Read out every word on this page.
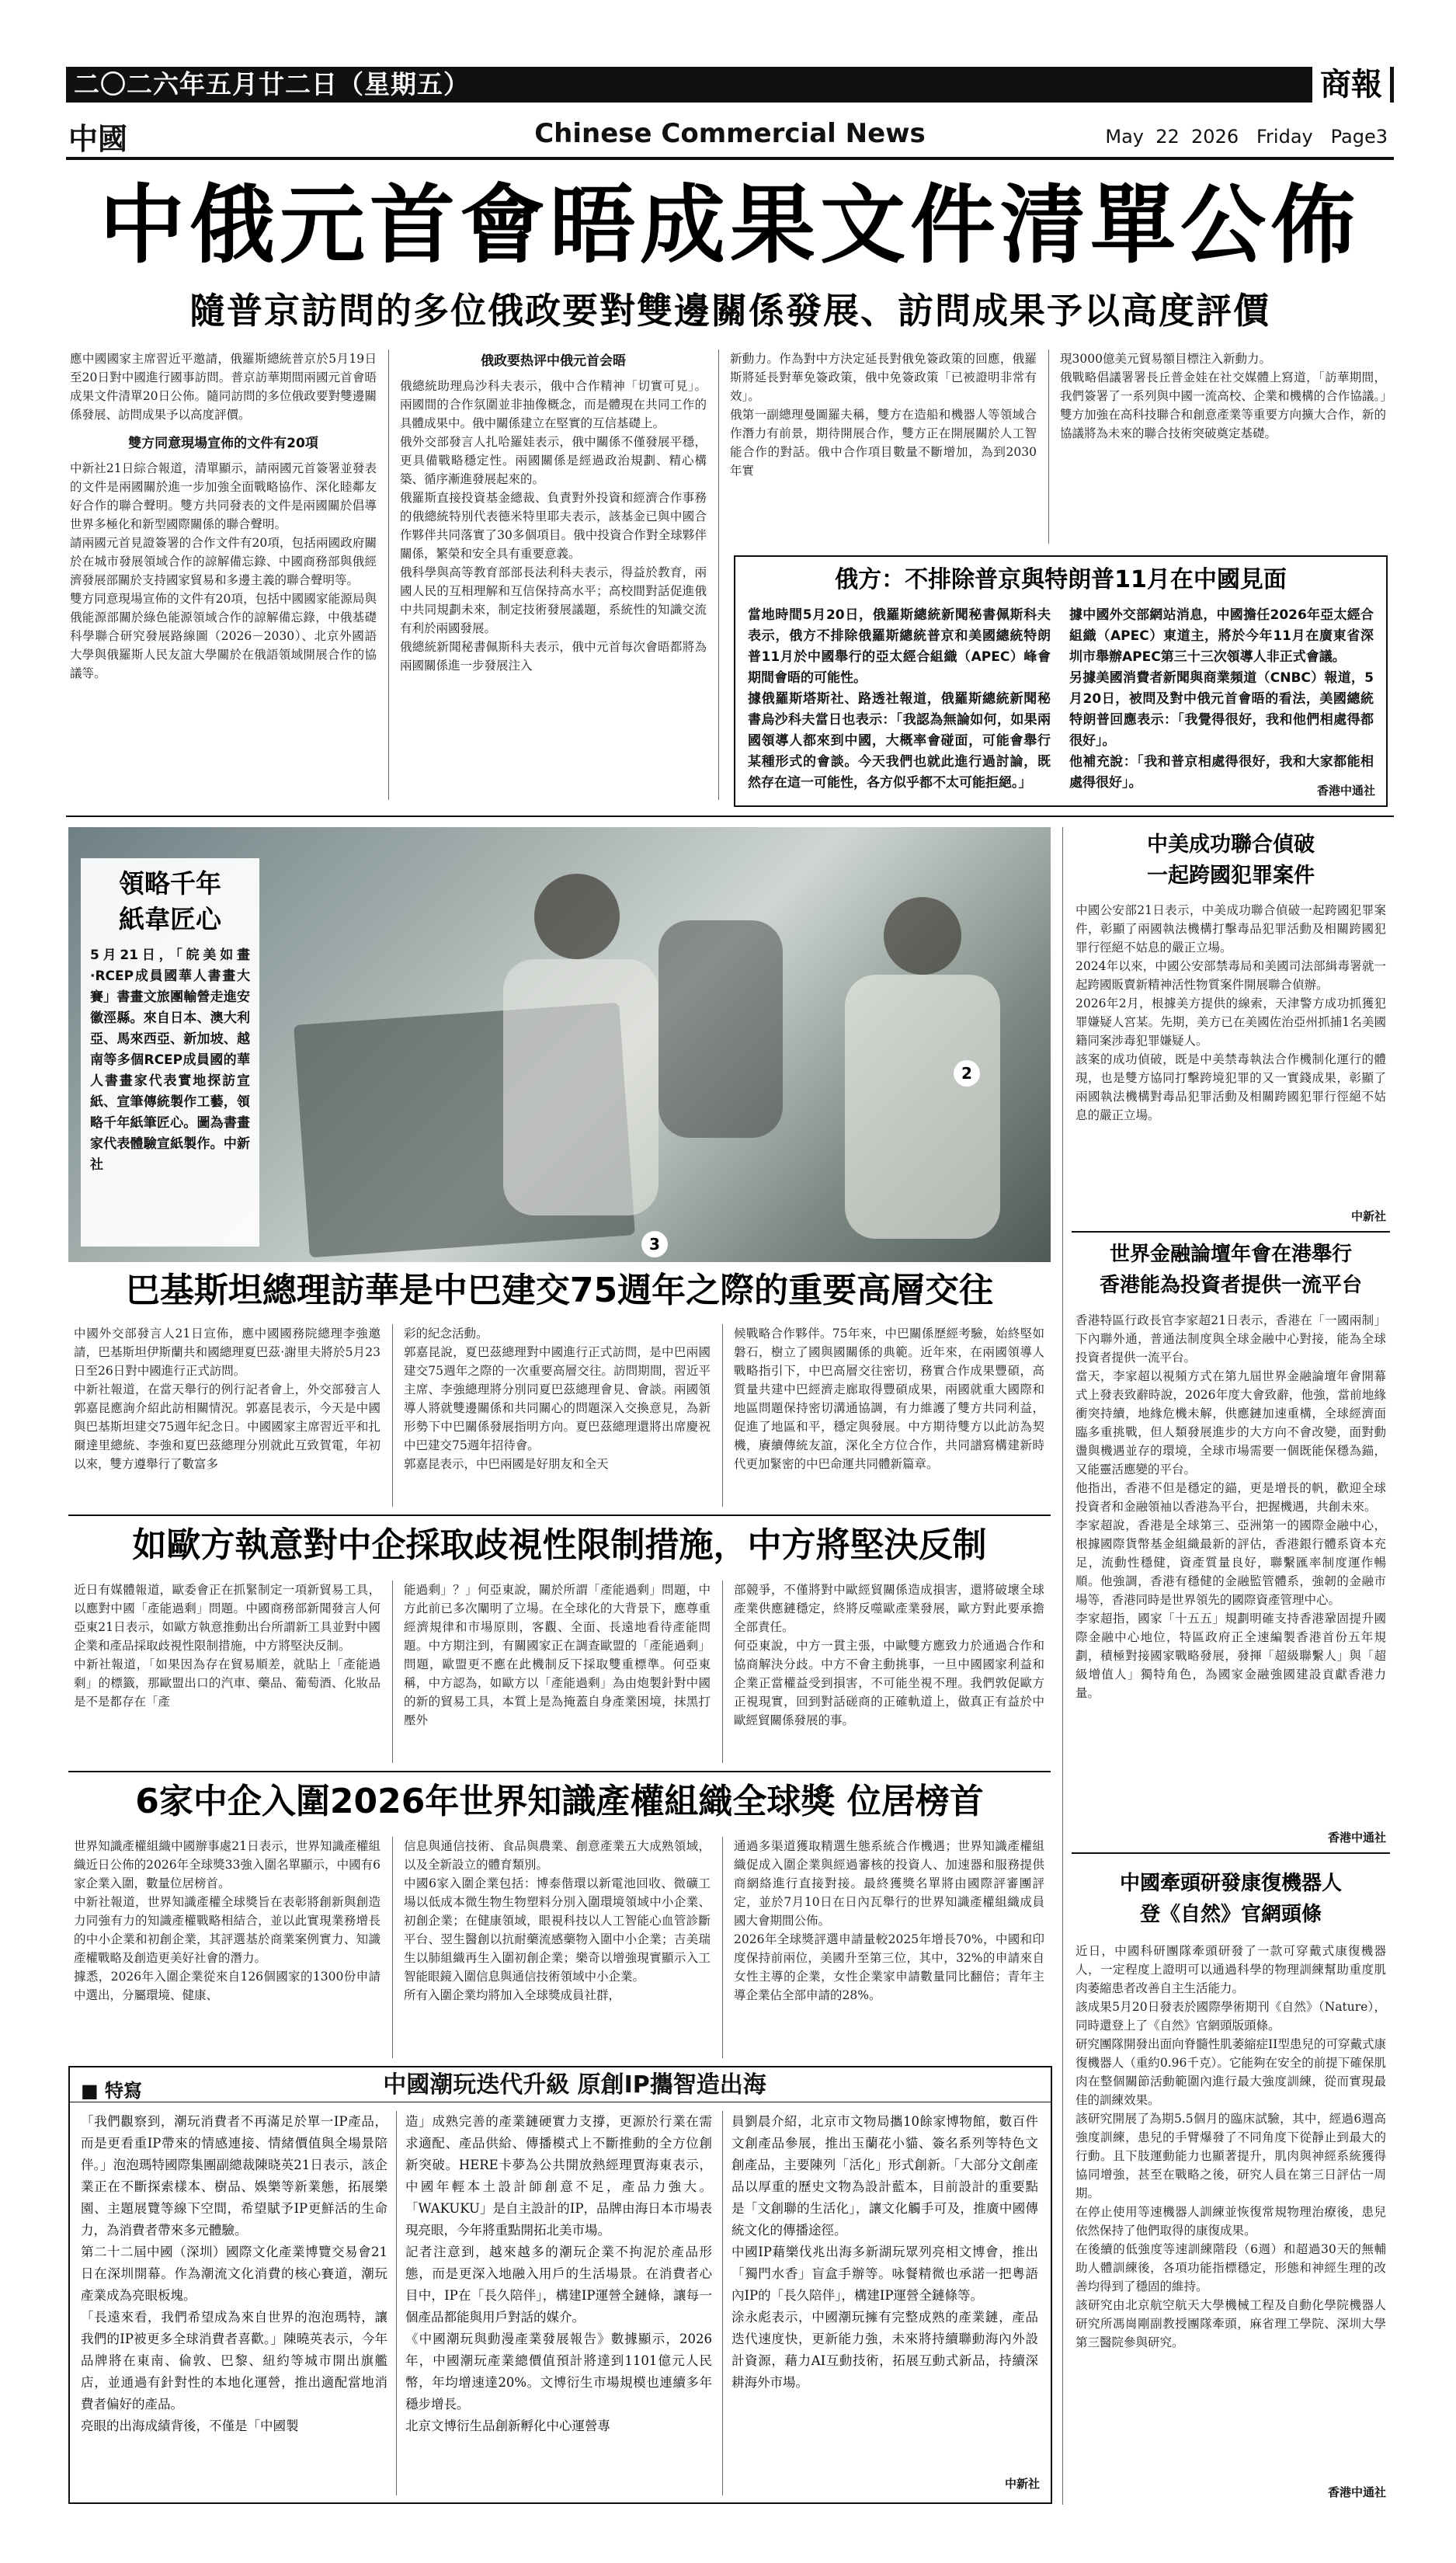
二〇二六年五月廿二日（星期五）	商報
中國	Chinese Commercial News	May  22  2026   Friday   Page3
中俄元首會晤成果文件清單公佈
隨普京訪問的多位俄政要對雙邊關係發展、訪問成果予以高度評價
應中國國家主席習近平邀請，俄羅斯總統普京於5月19日至20日對中國進行國事訪問。普京訪華期間兩國元首會晤成果文件清單20日公佈。隨同訪問的多位俄政要對雙邊關係發展、訪問成果予以高度評價。
雙方同意現場宣佈的文件有20項
中新社21日綜合報道，清單顯示，請兩國元首簽署並發表的文件是兩國關於進一步加強全面戰略協作、深化睦鄰友好合作的聯合聲明。雙方共同發表的文件是兩國關於倡導世界多極化和新型國際關係的聯合聲明。
請兩國元首見證簽署的合作文件有20項，包括兩國政府關於在城市發展領域合作的諒解備忘錄、中國商務部與俄經濟發展部關於支持國家貿易和多邊主義的聯合聲明等。
雙方同意現場宣佈的文件有20項，包括中國國家能源局與俄能源部關於綠色能源領域合作的諒解備忘錄，中俄基礎科學聯合研究發展路線圖（2026－2030）、北京外國語大學與俄羅斯人民友誼大學關於在俄語領域開展合作的協議等。
俄政要热评中俄元首会晤
俄總統助理烏沙科夫表示，俄中合作精神「切實可見」。兩國間的合作氛圍並非抽像概念，而是體現在共同工作的具體成果中。俄中關係建立在堅實的互信基礎上。
俄外交部發言人扎哈羅娃表示，俄中關係不僅發展平穩，更具備戰略穩定性。兩國關係是經過政治規劃、精心構築、循序漸進發展起來的。
俄羅斯直接投資基金總裁、負責對外投資和經濟合作事務的俄總統特別代表德米特里耶夫表示，該基金已與中國合作夥伴共同落實了30多個項目。俄中投資合作對全球夥伴關係，繁榮和安全具有重要意義。
俄科學與高等教育部部長法利科夫表示，得益於教育，兩國人民的互相理解和互信保持高水平；高校間對話促進俄中共同規劃未來，制定技術發展議題，系統性的知識交流有利於兩國發展。
俄總統新聞秘書佩斯科夫表示，俄中元首每次會晤都將為兩國關係進一步發展注入
新動力。作為對中方決定延長對俄免簽政策的回應，俄羅斯將延長對華免簽政策，俄中免簽政策「已被證明非常有效」。
俄第一副總理曼圖羅夫稱，雙方在造船和機器人等領域合作潛力有前景，期待開展合作，雙方正在開展關於人工智能合作的對話。俄中合作項目數量不斷增加，為到2030年實
現3000億美元貿易額目標注入新動力。
俄戰略倡議署署長丘普金娃在社交媒體上寫道，「訪華期間，我們簽署了一系列與中國一流高校、企業和機構的合作協議。」雙方加強在高科技聯合和創意產業等重要方向擴大合作，新的協議將為未來的聯合技術突破奠定基礎。
俄方：不排除普京與特朗普11月在中國見面
當地時間5月20日，俄羅斯總統新聞秘書佩斯科夫表示，俄方不排除俄羅斯總統普京和美國總統特朗普11月於中國舉行的亞太經合組織（APEC）峰會期間會晤的可能性。
據俄羅斯塔斯社、路透社報道，俄羅斯總統新聞秘書烏沙科夫當日也表示：「我認為無論如何，如果兩國領導人都來到中國，大概率會碰面，可能會舉行某種形式的會談。今天我們也就此進行過討論，既然存在這一可能性，各方似乎都不太可能拒絕。」
據中國外交部網站消息，中國擔任2026年亞太經合組織（APEC）東道主，將於今年11月在廣東省深圳市舉辦APEC第三十三次領導人非正式會議。
另據美國消費者新聞與商業頻道（CNBC）報道，5月20日，被問及對中俄元首會晤的看法，美國總統特朗普回應表示：「我覺得很好，我和他們相處得都很好」。
他補充說：「我和普京相處得很好，我和大家都能相處得很好」。	香港中通社
2
3
領略千年
紙韋匠心
5月21日，「皖美如畫·RCEP成員國華人書畫大賽」書畫文旅團輸營走進安徽涇縣。來自日本、澳大利亞、馬來西亞、新加坡、越南等多個RCEP成員國的華人書畫家代表實地探訪宣紙、宣筆傳統製作工藝，領略千年紙筆匠心。圖為書畫家代表體驗宣紙製作。中新社
巴基斯坦總理訪華是中巴建交75週年之際的重要高層交往
中國外交部發言人21日宣佈，應中國國務院總理李強邀請，巴基斯坦伊斯蘭共和國總理夏巴茲·謝里夫將於5月23日至26日對中國進行正式訪問。
中新社報道，在當天舉行的例行記者會上，外交部發言人郭嘉昆應詢介紹此訪相關情況。郭嘉昆表示，今天是中國與巴基斯坦建交75週年紀念日。中國國家主席習近平和扎爾達里總統、李強和夏巴茲總理分別就此互致賀電，年初以來，雙方遵舉行了數富多
彩的紀念活動。
郭嘉昆說，夏巴茲總理對中國進行正式訪問，是中巴兩國建交75週年之際的一次重要高層交往。訪問期間，習近平主席、李強總理將分別同夏巴茲總理會見、會談。兩國領導人將就雙邊關係和共同關心的問題深入交換意見，為新形勢下中巴關係發展指明方向。夏巴茲總理還將出席慶祝中巴建交75週年招待會。
郭嘉昆表示，中巴兩國是好朋友和全天
候戰略合作夥伴。75年來，中巴關係歷經考驗，始終堅如磐石，樹立了國與國關係的典範。近年來，在兩國領導人戰略指引下，中巴高層交往密切，務實合作成果豐碩，高質量共建中巴經濟走廊取得豐碩成果，兩國就重大國際和地區問題保持密切溝通協調，有力維護了雙方共同利益，促進了地區和平，穩定與發展。中方期待雙方以此訪為契機，賡續傳統友誼，深化全方位合作，共同譜寫構建新時代更加緊密的中巴命運共同體新篇章。
如歐方執意對中企採取歧視性限制措施，中方將堅決反制
近日有媒體報道，歐委會正在抓緊制定一項新貿易工具，以應對中國「產能過剩」問題。中國商務部新聞發言人何亞東21日表示，如歐方執意推動出台所謂新工具並對中國企業和產品採取歧視性限制措施，中方將堅決反制。
中新社報道，「如果因為存在貿易順差，就貼上「產能過剩」的標籤，那歐盟出口的汽車、藥品、葡萄酒、化妝品是不是都存在「產
能過剩」？」何亞東說，關於所謂「產能過剩」問題，中方此前已多次闡明了立場。在全球化的大背景下，應尊重經濟規律和市場原則，客觀、全面、長遠地看待產能問題。中方期注到，有關國家正在調查歐盟的「產能過剩」問題，歐盟更不應在此機制反下採取雙重標準。何亞東稱，中方認為，如歐方以「產能過剩」為由炮製針對中國的新的貿易工具，本質上是為掩蓋自身產業困境，抹黑打壓外
部競爭，不僅將對中歐經貿關係造成損害，還將破壞全球產業供應鏈穩定，終將反噬歐產業發展，歐方對此要承擔全部責任。
何亞東說，中方一貫主張，中歐雙方應致力於通過合作和協商解決分歧。中方不會主動挑事，一旦中國國家利益和企業正當權益受到損害，不可能坐視不理。我們敦促歐方正視現實，回到對話磋商的正確軌道上，做真正有益於中歐經貿關係發展的事。
6家中企入圍2026年世界知識產權組織全球獎 位居榜首
世界知識產權組織中國辦事處21日表示，世界知識產權組織近日公佈的2026年全球獎33強入圍名單顯示，中國有6家企業入圍，數量位居榜首。
中新社報道，世界知識產權全球獎旨在表彰將創新與創造力同強有力的知識產權戰略相結合，並以此實現業務增長的中小企業和初創企業，其評選基於商業案例實力、知識產權戰略及創造更美好社會的潛力。
據悉，2026年入圍企業從來自126個國家的1300份申請中選出，分屬環境、健康、
信息與通信技術、食品與農業、創意產業五大成熟領域，以及全新設立的體育類別。
中國6家入圍企業包括：博泰偕環以新電池回收、微礦工場以低成本微生物生物塑料分別入圍環境領域中小企業、初創企業；在健康領域，眼視科技以人工智能心血管診斷平台、翌生醫創以抗耐藥流感藥物入圍中小企業；吉美瑞生以肺組織再生入圍初創企業；樂奇以增強現實顯示入工智能眼鏡入圍信息與通信技術領域中小企業。
所有入圍企業均將加入全球獎成員社群，
通過多渠道獲取精選生態系統合作機遇；世界知識產權組織促成入圍企業與經過審核的投資人、加速器和服務提供商網絡進行直接對接。最終獲獎名單將由國際評審團評定，並於7月10日在日內瓦舉行的世界知識產權組織成員國大會期間公佈。
2026年全球獎評選申請量較2025年增長70%，中國和印度保持前兩位，美國升至第三位，其中，32%的申請來自女性主導的企業，女性企業家申請數量同比翻倍；青年主導企業佔全部申請的28%。
■ 特寫	中國潮玩迭代升級 原創IP攜智造出海
「我們觀察到，潮玩消費者不再滿足於單一IP產品，而是更看重IP帶來的情感連接、情緒價值與全場景陪伴。」泡泡瑪特國際集團副總裁陳晓英21日表示，該企業正在不斷探索樣本、樹品、娛樂等新業態，拓展樂園、主題展覽等線下空間，希望賦予IP更鮮活的生命力，為消費者帶來多元體驗。
第二十二屆中國（深圳）國際文化產業博覽交易會21日在深圳開幕。作為潮流文化消費的核心賽道，潮玩產業成為亮眼板塊。
「長遠來看，我們希望成為來自世界的泡泡瑪特，讓我們的IP被更多全球消費者喜歡。」陳曉英表示，今年品牌將在東南、倫敦、巴黎、紐約等城市開出旗艦店，並通過有針對性的本地化運營，推出適配當地消費者偏好的產品。
亮眼的出海成績背後，不僅是「中國製
造」成熟完善的產業鏈硬實力支撐，更源於行業在需求適配、產品供給、傳播模式上不斷推動的全方位創新突破。HERE卡夢為公共開放熱經理賈海東表示，中國年輕本土設計師創意不足，產品力強大。「WAKUKU」是自主設計的IP，品牌由海日本市場表現亮眼，今年將重點開拓北美市場。
記者注意到，越來越多的潮玩企業不拘泥於產品形態，而是更深入地融入用戶的生活場景。在消費者心目中，IP在「長久陪伴」，構建IP運營全鏈條，讓每一個產品都能與用戶對話的媒介。
《中國潮玩與動漫產業發展報告》數據顯示，2026年，中國潮玩產業總價值預計將達到1101億元人民幣，年均增速達20%。文博衍生市場規模也連續多年穩步增長。
北京文博衍生品創新孵化中心運營專
員劉晨介紹，北京市文物局攜10餘家博物館，數百件文創產品參展，推出玉蘭花小貓、簽名系列等特色文創產品，主要陳列「活化」形式創新。「大部分文創產品以厚重的歷史文物為設計藍本，目前設計的重要點是「文創聯的生活化」，讓文化觸手可及，推廣中國傳統文化的傳播途徑。
中國IP藉樂伐兆出海多新湖玩眾列亮相文博會，推出「獨門水香」盲盒手辦等。咏餐精微也承諾一把粵語內IP的「長久陪伴」，構建IP運營全鏈條等。
涂永彪表示，中國潮玩擁有完整成熟的產業鏈，產品迭代速度快，更新能力強，未來將持續聯動海內外設計資源，藉力AI互動技術，拓展互動式新品，持續深耕海外市場。
中新社
中美成功聯合偵破
一起跨國犯罪案件
中國公安部21日表示，中美成功聯合偵破一起跨國犯罪案件，彰顯了兩國執法機構打擊毒品犯罪活動及相關跨國犯罪行徑絕不姑息的嚴正立場。
2024年以來，中國公安部禁毒局和美國司法部緝毒署就一起跨國販賣新精神活性物質案件開展聯合偵辦。
2026年2月，根據美方提供的線索，天津警方成功抓獲犯罪嫌疑人宮某。先期，美方已在美國佐治亞州抓捕1名美國籍同案涉毒犯罪嫌疑人。
該案的成功偵破，既是中美禁毒執法合作機制化運行的體現，也是雙方協同打擊跨境犯罪的又一實錢成果，彰顯了兩國執法機構對毒品犯罪活動及相關跨國犯罪行徑絕不姑息的嚴正立場。
中新社
世界金融論壇年會在港舉行
香港能為投資者提供一流平台
香港特區行政長官李家超21日表示，香港在「一國兩制」下內聯外通，普通法制度與全球金融中心對接，能為全球投資者提供一流平台。
當天，李家超以視頻方式在第九屆世界金融論壇年會開幕式上發表致辭時說，2026年度大會致辭，他強，當前地緣衝突持續，地緣危機未解，供應鏈加速重構，全球經濟面臨多重挑戰，但人類發展進步的大方向不會改變，面對動盪與機遇並存的環境，全球市場需要一個既能保穩為錨，又能靈活應變的平台。
他指出，香港不但是穩定的錨，更是增長的帆，歡迎全球投資者和金融領袖以香港為平台，把握機遇，共創未來。
李家超說，香港是全球第三、亞洲第一的國際金融中心，根據國際貨幣基金組織最新的評估，香港銀行體系資本充足，流動性穩健，資產質量良好，聯繫匯率制度運作暢順。他強調，香港有穩健的金融監管體系，強韌的金融市場等，香港同時是世界領先的國際資產管理中心。
李家超指，國家「十五五」規劃明確支持香港鞏固提升國際金融中心地位，特區政府正全速編製香港首份五年規劃，積極對接國家戰略發展，發揮「超級聯繫人」與「超級增值人」獨特角色，為國家金融強國建設貢獻香港力量。
香港中通社
中國牽頭研發康復機器人
登《自然》官網頭條
近日，中國科研團隊牽頭研發了一款可穿戴式康復機器人，一定程度上證明可以通過科學的物理訓練幫助重度肌肉萎縮患者改善自主生活能力。
該成果5月20日發表於國際學術期刊《自然》（Nature），同時還登上了《自然》官網頭版頭條。
研究團隊開發出面向脊髓性肌萎縮症II型患兒的可穿戴式康復機器人（重約0.96千克）。它能夠在安全的前提下確保肌肉在整個關節活動範圍內進行最大強度訓練，從而實現最佳的訓練效果。
該研究開展了為期5.5個月的臨床試驗，其中，經過6週高強度訓練，患兒的手臂爆發了不同角度下從靜止到最大的行動。且下肢運動能力也顯著提升，肌肉與神經系統獲得協同增強，甚至在戰略之後，研究人員在第三日評估一周期。
在停止使用等速機器人訓練並恢復常規物理治療後，患兒依然保持了他們取得的康復成果。
在後續的低強度等速訓練階段（6週）和超過30天的無輔助人體訓練後，各項功能指標穩定，形態和神經生理的改善均得到了穩固的維持。
該研究由北京航空航天大學機械工程及自動化學院機器人研究所馮崗剛副教授團隊牽頭，麻省理工學院、深圳大學第三醫院參與研究。
香港中通社
